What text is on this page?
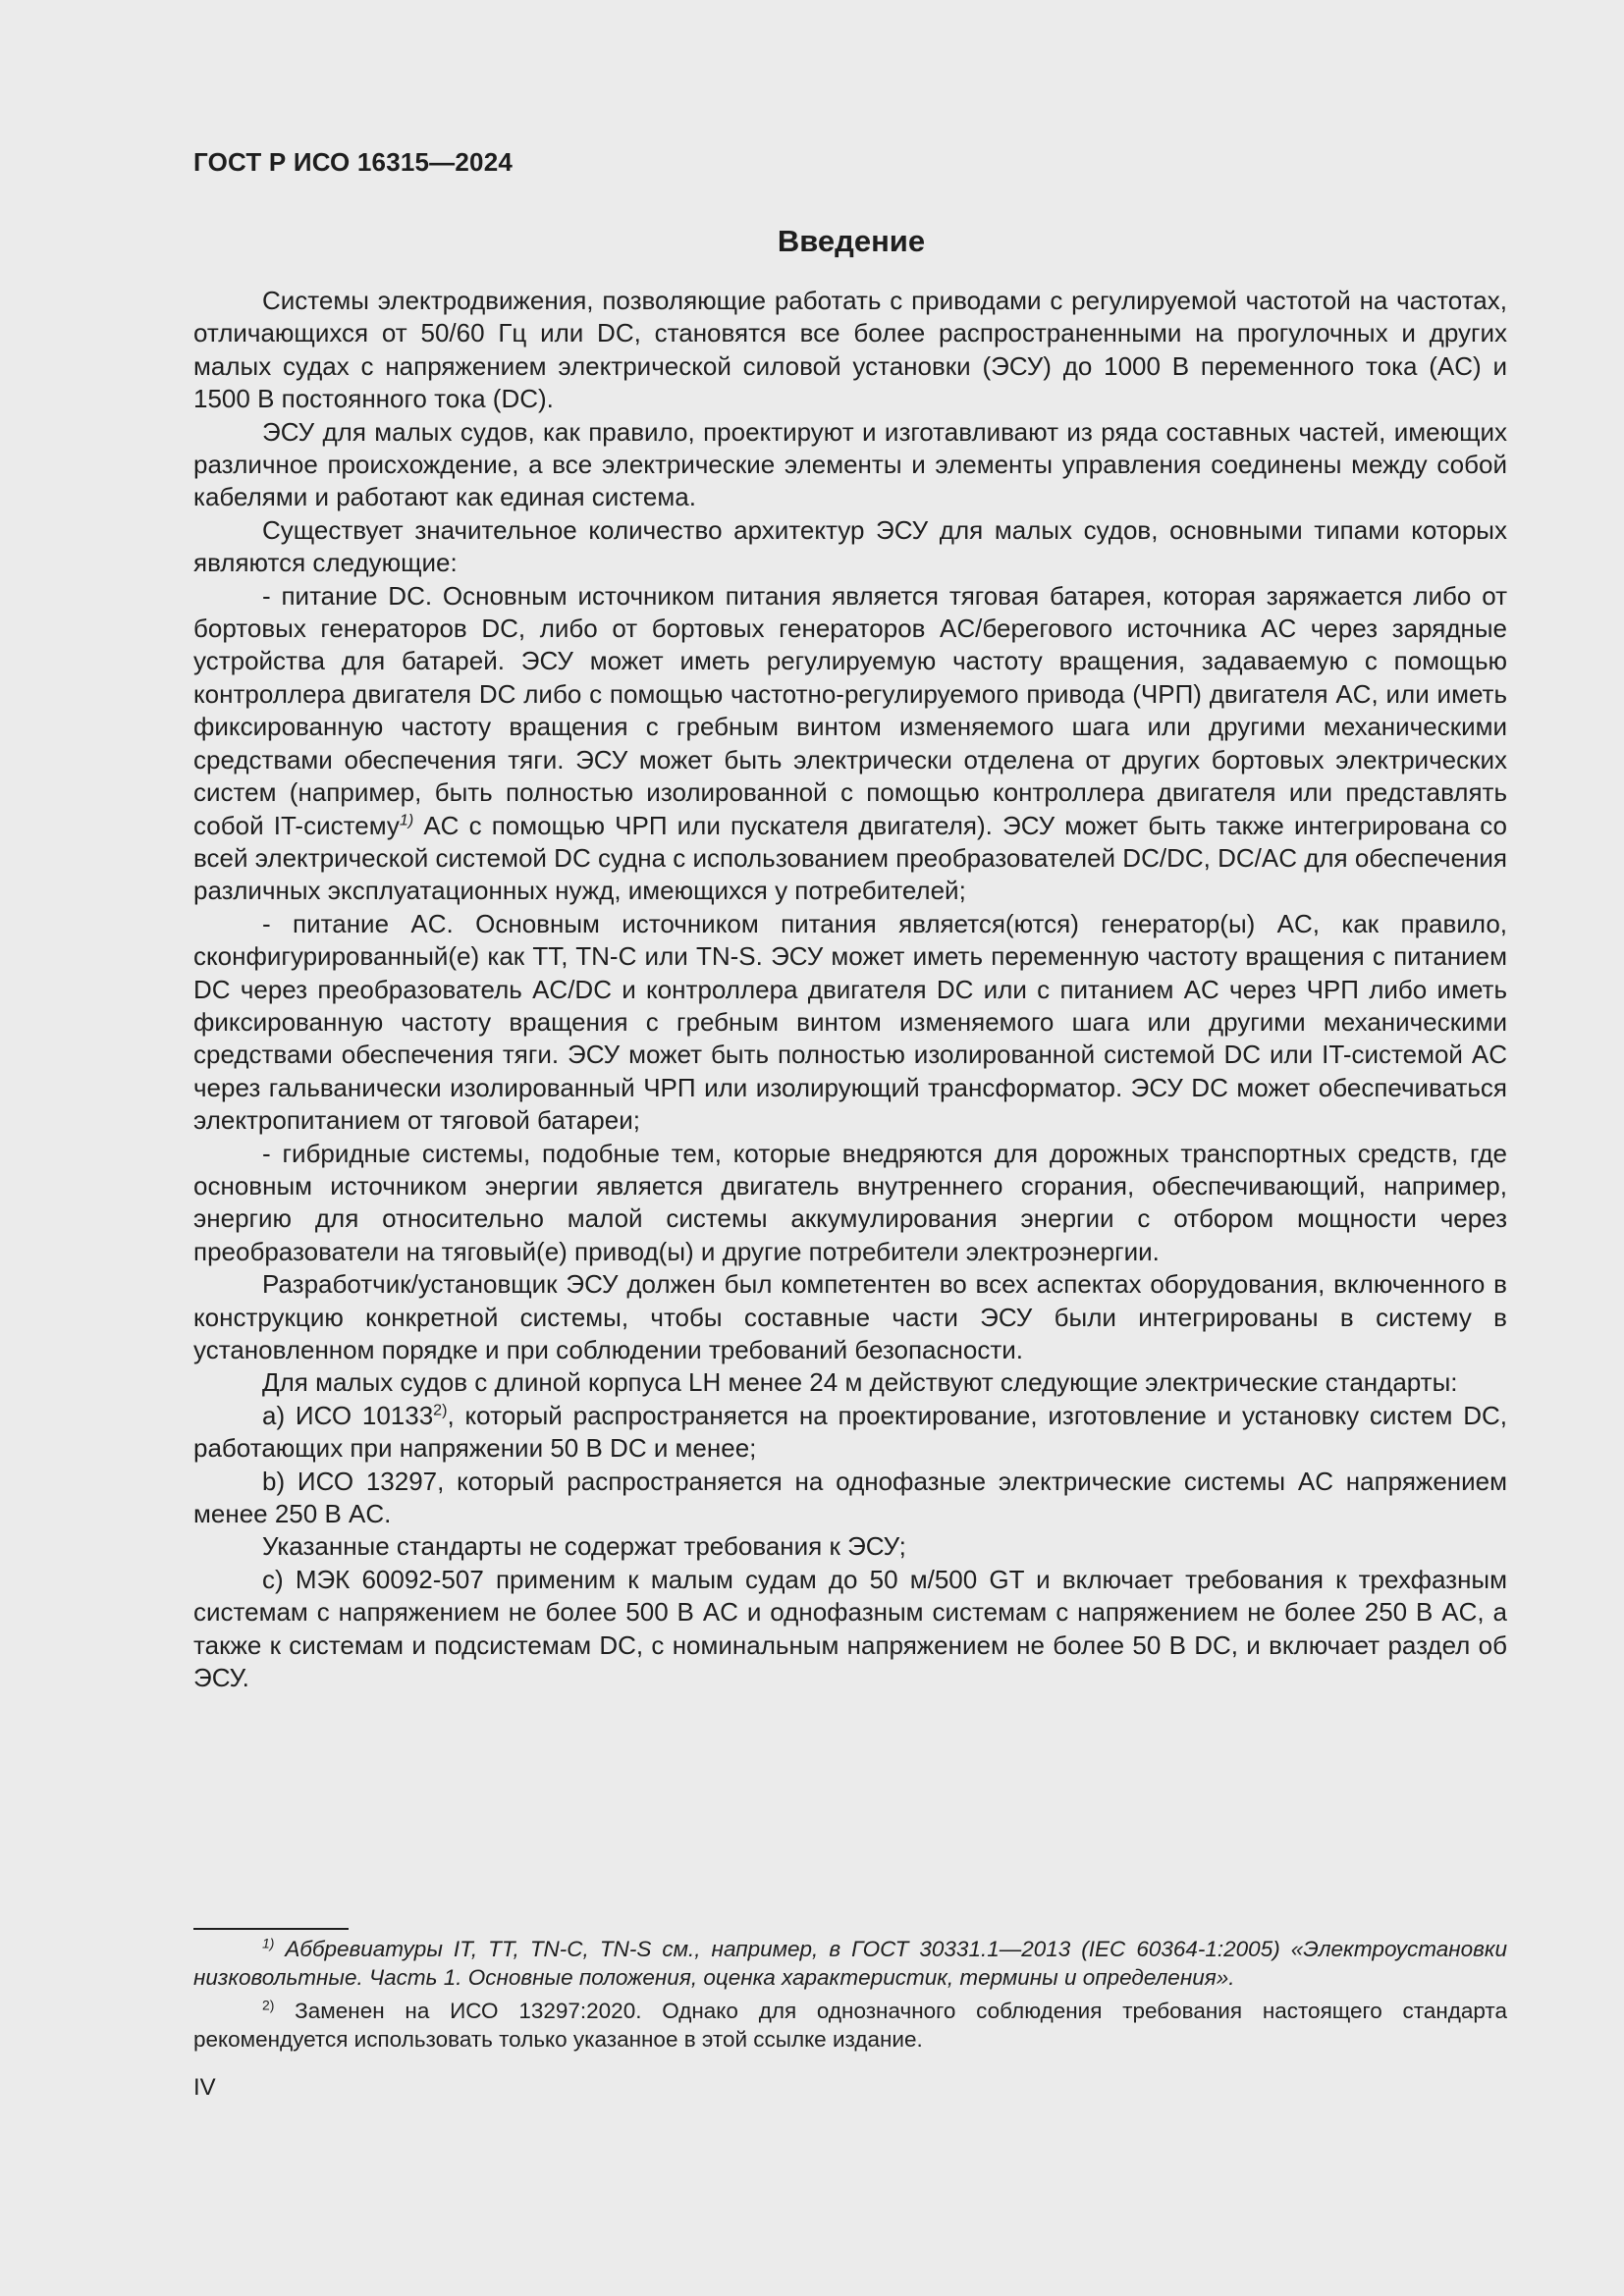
ГОСТ Р ИСО 16315—2024
Введение

Системы электродвижения, позволяющие работать с приводами с регулируемой частотой на частотах, отличающихся от 50/60 Гц или DC, становятся все более распространенными на прогулочных и других малых судах с напряжением электрической силовой установки (ЭСУ) до 1000 В переменного тока (AC) и 1500 В постоянного тока (DC).

ЭСУ для малых судов, как правило, проектируют и изготавливают из ряда составных частей, имеющих различное происхождение, а все электрические элементы и элементы управления соединены между собой кабелями и работают как единая система.

Существует значительное количество архитектур ЭСУ для малых судов, основными типами которых являются следующие:

- питание DC. Основным источником питания является тяговая батарея, которая заряжается либо от бортовых генераторов DC, либо от бортовых генераторов AC/берегового источника AC через зарядные устройства для батарей. ЭСУ может иметь регулируемую частоту вращения, задаваемую с помощью контроллера двигателя DC либо с помощью частотно-регулируемого привода (ЧРП) двигателя AC, или иметь фиксированную частоту вращения с гребным винтом изменяемого шага или другими механическими средствами обеспечения тяги. ЭСУ может быть электрически отделена от других бортовых электрических систем (например, быть полностью изолированной с помощью контроллера двигателя или представлять собой IT-систему$^{1)}$ AC с помощью ЧРП или пускателя двигателя). ЭСУ может быть также интегрирована со всей электрической системой DC судна с использованием преобразователей DC/DC, DC/AC для обеспечения различных эксплуатационных нужд, имеющихся у потребителей;

- питание AC. Основным источником питания является(ются) генератор(ы) AC, как правило, сконфигурированный(е) как TT, TN-C или TN-S. ЭСУ может иметь переменную частоту вращения с питанием DC через преобразователь AC/DC и контроллера двигателя DC или с питанием AC через ЧРП либо иметь фиксированную частоту вращения с гребным винтом изменяемого шага или другими механическими средствами обеспечения тяги. ЭСУ может быть полностью изолированной системой DC или IT-системой AC через гальванически изолированный ЧРП или изолирующий трансформатор. ЭСУ DC может обеспечиваться электропитанием от тяговой батареи;

- гибридные системы, подобные тем, которые внедряются для дорожных транспортных средств, где основным источником энергии является двигатель внутреннего сгорания, обеспечивающий, например, энергию для относительно малой системы аккумулирования энергии с отбором мощности через преобразователи на тяговый(е) привод(ы) и другие потребители электроэнергии.

Разработчик/установщик ЭСУ должен был компетентен во всех аспектах оборудования, включенного в конструкцию конкретной системы, чтобы составные части ЭСУ были интегрированы в систему в установленном порядке и при соблюдении требований безопасности.

Для малых судов с длиной корпуса LH менее 24 м действуют следующие электрические стандарты:

a) ИСО 10133$^{2)}$, который распространяется на проектирование, изготовление и установку систем DC, работающих при напряжении 50 В DC и менее;

b) ИСО 13297, который распространяется на однофазные электрические системы AC напряжением менее 250 В AC.

Указанные стандарты не содержат требования к ЭСУ;

c) МЭК 60092-507 применим к малым судам до 50 м/500 GT и включает требования к трехфазным системам с напряжением не более 500 В AC и однофазным системам с напряжением не более 250 В AC, а также к системам и подсистемам DC, с номинальным напряжением не более 50 В DC, и включает раздел об ЭСУ.

$^{1)}$ Аббревиатуры IT, TT, TN-C, TN-S см., например, в ГОСТ 30331.1—2013 (IEC 60364-1:2005) «Электроустановки низковольтные. Часть 1. Основные положения, оценка характеристик, термины и определения».

$^{2)}$ Заменен на ИСО 13297:2020. Однако для однозначного соблюдения требования настоящего стандарта рекомендуется использовать только указанное в этой ссылке издание.

IV
